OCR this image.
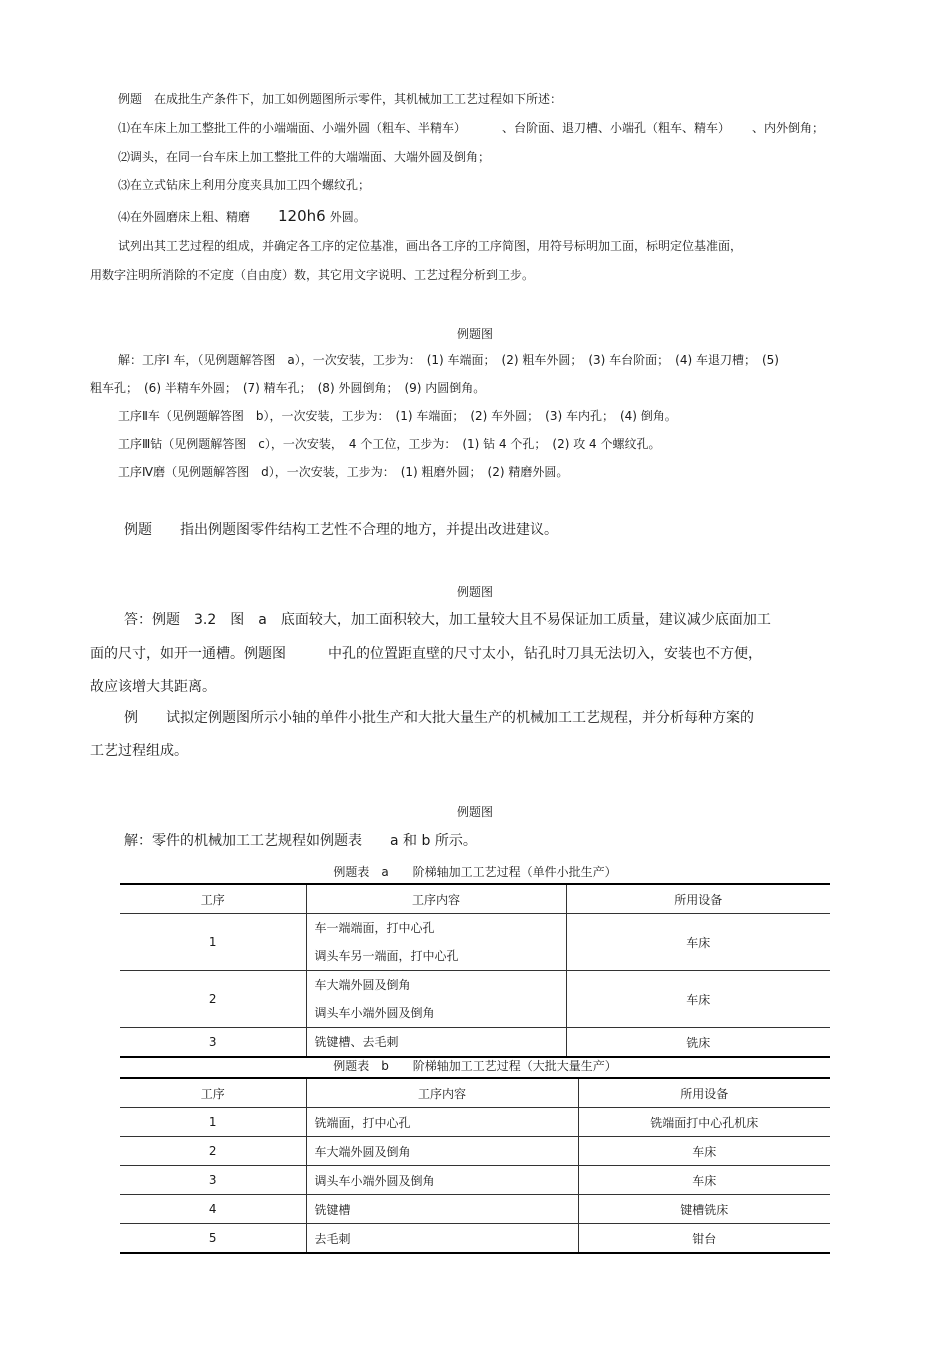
例题 在成批生产条件下，加工如例题图所示零件，其机械加工工艺过程如下所述：
⑴在车床上加工整批工件的小端端面、小端外圆（粗车、半精车）	、台阶面、退刀槽、小端孔（粗车、精车） 、内外倒角；
⑵调头，在同一台车床上加工整批工件的大端端面、大端外圆及倒角；
⑶在立式钻床上利用分度夹具加工四个螺纹孔；
⑷在外圆磨床上粗、精磨 120h6 外圆。
试列出其工艺过程的组成，并确定各工序的定位基准，画出各工序的工序简图，用符号标明加工面，标明定位基准面，
用数字注明所消除的不定度（自由度）数，其它用文字说明、工艺过程分析到工步。
例题图
解：工序Ⅰ 车，（见例题解答图　a），一次安装，工步为：　(1) 车端面；　(2) 粗车外圆；　(3) 车台阶面；　(4) 车退刀槽；　(5)
粗车孔；　(6) 半精车外圆；　(7) 精车孔；　(8) 外圆倒角；　(9) 内圆倒角。
工序Ⅱ车（见例题解答图　b），一次安装，工步为：　(1) 车端面；　(2) 车外圆；　(3) 车内孔；　(4) 倒角。
工序Ⅲ钻（见例题解答图　c），一次安装，　4 个工位，工步为：　(1) 钻 4 个孔；　(2) 攻 4 个螺纹孔。
工序Ⅳ磨（见例题解答图　d），一次安装，工步为：　(1) 粗磨外圆；　(2) 精磨外圆。
例题　　指出例题图零件结构工艺性不合理的地方，并提出改进建议。
例题图
答：例题　3.2　图　a　底面较大，加工面积较大，加工量较大且不易保证加工质量，建议减少底面加工
面的尺寸，如开一通槽。例题图　　　中孔的位置距直壁的尺寸太小，钻孔时刀具无法切入，安装也不方便，
故应该增大其距离。
例　　试拟定例题图所示小轴的单件小批生产和大批大量生产的机械加工工艺规程，并分析每种方案的
工艺过程组成。
例题图
解：零件的机械加工工艺规程如例题表　　a 和 b 所示。
例题表　a　　阶梯轴加工工艺过程（单件小批生产）
工序	工序内容	所用设备
1	车一端端面，打中心孔
调头车另一端面，打中心孔	车床
2	车大端外圆及倒角
调头车小端外圆及倒角	车床
3	铣键槽、去毛刺	铣床
例题表　b　　阶梯轴加工工艺过程（大批大量生产）
工序	工序内容	所用设备
1	铣端面，打中心孔	铣端面打中心孔机床
2	车大端外圆及倒角	车床
3	调头车小端外圆及倒角	车床
4	铣键槽	键槽铣床
5	去毛刺	钳台
